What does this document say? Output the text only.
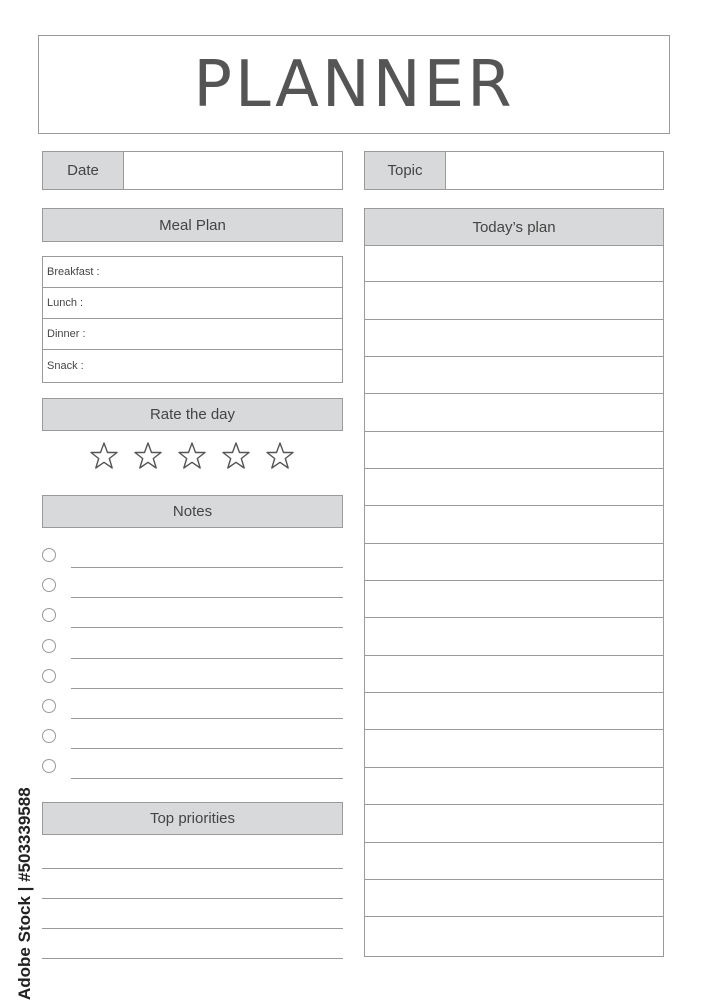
PLANNER
Date	Topic
Meal Plan
Breakfast :
Lunch :
Dinner :
Snack :
Rate the day
Notes
Top priorities
Today’s plan
Adobe Stock | #503339588
